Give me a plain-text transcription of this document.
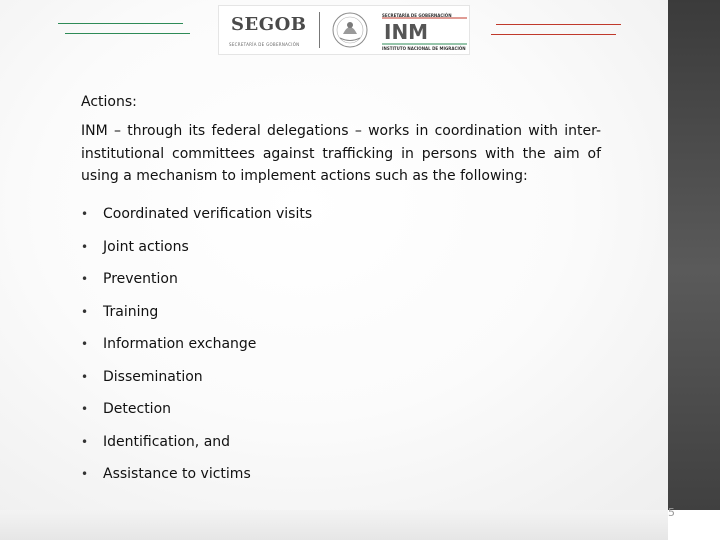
5
SEGOB
SECRETARÍA DE GOBERNACIÓN
SECRETARÍA DE GOBERNACIÓN
INM
INSTITUTO NACIONAL DE MIGRACIÓN
Actions:
INM – through its federal delegations – works in coordination with inter-institutional committees against trafficking in persons with the aim of using a mechanism to implement actions such as the following:
• Coordinated verification visits
• Joint actions
• Prevention
• Training
• Information exchange
• Dissemination
• Detection
• Identification, and
• Assistance to victims
